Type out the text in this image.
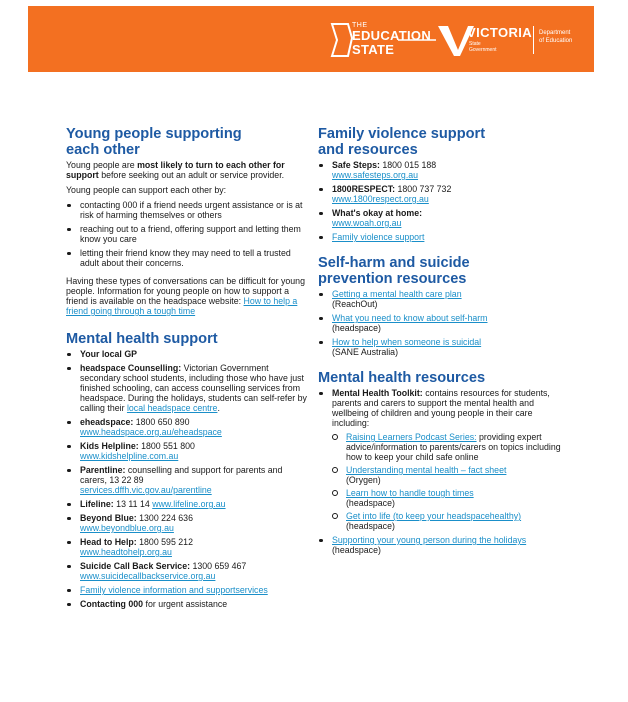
THE
EDUCATION
STATE
VICTORIA
State
Government
Department
of Education
Young people supporting
each other

Young people are most likely to turn to each other for support before seeking out an adult or service provider.

Young people can support each other by:

contacting 000 if a friend needs urgent assistance or is at risk of harming themselves or others
reaching out to a friend, offering support and letting them know you care
letting their friend know they may need to tell a trusted adult about their concerns.

Having these types of conversations can be difficult for young people. Information for young people on how to support a friend is available on the headspace website: How to help a friend going through a tough time

Mental health support
Your local GP
headspace Counselling: Victorian Government secondary school students, including those who have just finished schooling, can access counselling services from headspace. During the holidays, students can self-refer by calling their local headspace centre.
eheadspace: 1800 650 890
www.headspace.org.au/eheadspace
Kids Helpline: 1800 551 800
www.kidshelpline.com.au
Parentline: counselling and support for parents and carers, 13 22 89
services.dffh.vic.gov.au/parentline
Lifeline: 13 11 14 www.lifeline.org.au
Beyond Blue: 1300 224 636
www.beyondblue.org.au
Head to Help: 1800 595 212
www.headtohelp.org.au
Suicide Call Back Service: 1300 659 467
www.suicidecallbackservice.org.au
Family violence information and supportservices
Contacting 000 for urgent assistance
Family violence support
and resources
Safe Steps: 1800 015 188
www.safesteps.org.au
1800RESPECT: 1800 737 732
www.1800respect.org.au
What's okay at home:
www.woah.org.au
Family violence support
Self-harm and suicide
prevention resources
Getting a mental health care plan
(ReachOut)
What you need to know about self-harm
(headspace)
How to help when someone is suicidal
(SANE Australia)
Mental health resources
Mental Health Toolkit: contains resources for students, parents and carers to support the mental health and wellbeing of children and young people in their care including:
Raising Learners Podcast Series: providing expert advice/information to parents/carers on topics including how to keep your child safe online
Understanding mental health – fact sheet
(Orygen)
Learn how to handle tough times
(headspace)
Get into life (to keep your headspacehealthy)
(headspace)
Supporting your young person during the holidays (headspace)
